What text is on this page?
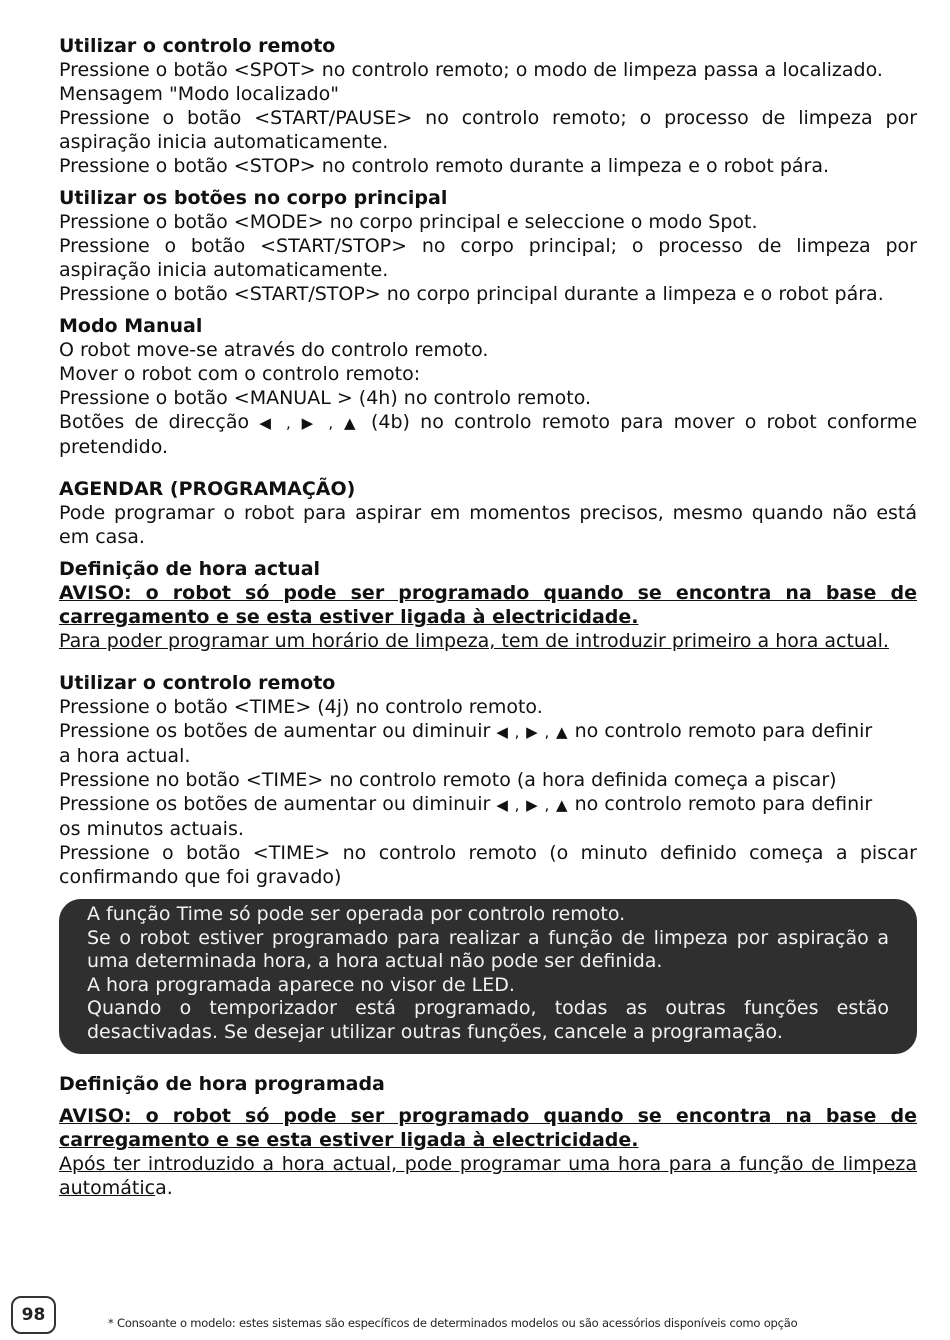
Utilizar o controlo remoto

Pressione o botão <SPOT> no controlo remoto; o modo de limpeza passa a localizado.

Mensagem "Modo localizado"

Pressione o botão <START/PAUSE> no controlo remoto; o processo de limpeza por aspiração inicia automaticamente.

Pressione o botão <STOP> no controlo remoto durante a limpeza e o robot pára.

Utilizar os botões no corpo principal

Pressione o botão <MODE> no corpo principal e seleccione o modo Spot.

Pressione o botão <START/STOP> no corpo principal; o processo de limpeza por aspiração inicia automaticamente.

Pressione o botão <START/STOP> no corpo principal durante a limpeza e o robot pára.

Modo Manual

O robot move-se através do controlo remoto.

Mover o robot com o controlo remoto:

Pressione o botão <MANUAL > (4h) no controlo remoto.

Botões de direcção ◀ , ▶ , ▲ (4b) no controlo remoto para mover o robot conforme pretendido.

AGENDAR (PROGRAMAÇÃO)

Pode programar o robot para aspirar em momentos precisos, mesmo quando não está em casa.

Definição de hora actual

AVISO: o robot só pode ser programado quando se encontra na base de carregamento e se esta estiver ligada à electricidade.

Para poder programar um horário de limpeza, tem de introduzir primeiro a hora actual.

Utilizar o controlo remoto

Pressione o botão <TIME> (4j) no controlo remoto.

Pressione os botões de aumentar ou diminuir ◀ , ▶ , ▲ no controlo remoto para definir

a hora actual.

Pressione no botão <TIME> no controlo remoto (a hora definida começa a piscar)

Pressione os botões de aumentar ou diminuir ◀ , ▶ , ▲ no controlo remoto para definir

os minutos actuais.

Pressione o botão <TIME> no controlo remoto (o minuto definido começa a piscar confirmando que foi gravado)

A função Time só pode ser operada por controlo remoto.

Se o robot estiver programado para realizar a função de limpeza por aspiração a uma determinada hora, a hora actual não pode ser definida.

A hora programada aparece no visor de LED.

Quando o temporizador está programado, todas as outras funções estão desactivadas. Se desejar utilizar outras funções, cancele a programação.

Definição de hora programada

AVISO: o robot só pode ser programado quando se encontra na base de carregamento e se esta estiver ligada à electricidade.

Após ter introduzido a hora actual, pode programar uma hora para a função de limpeza automática.

98	* Consoante o modelo: estes sistemas são específicos de determinados modelos ou são acessórios disponíveis como opção
